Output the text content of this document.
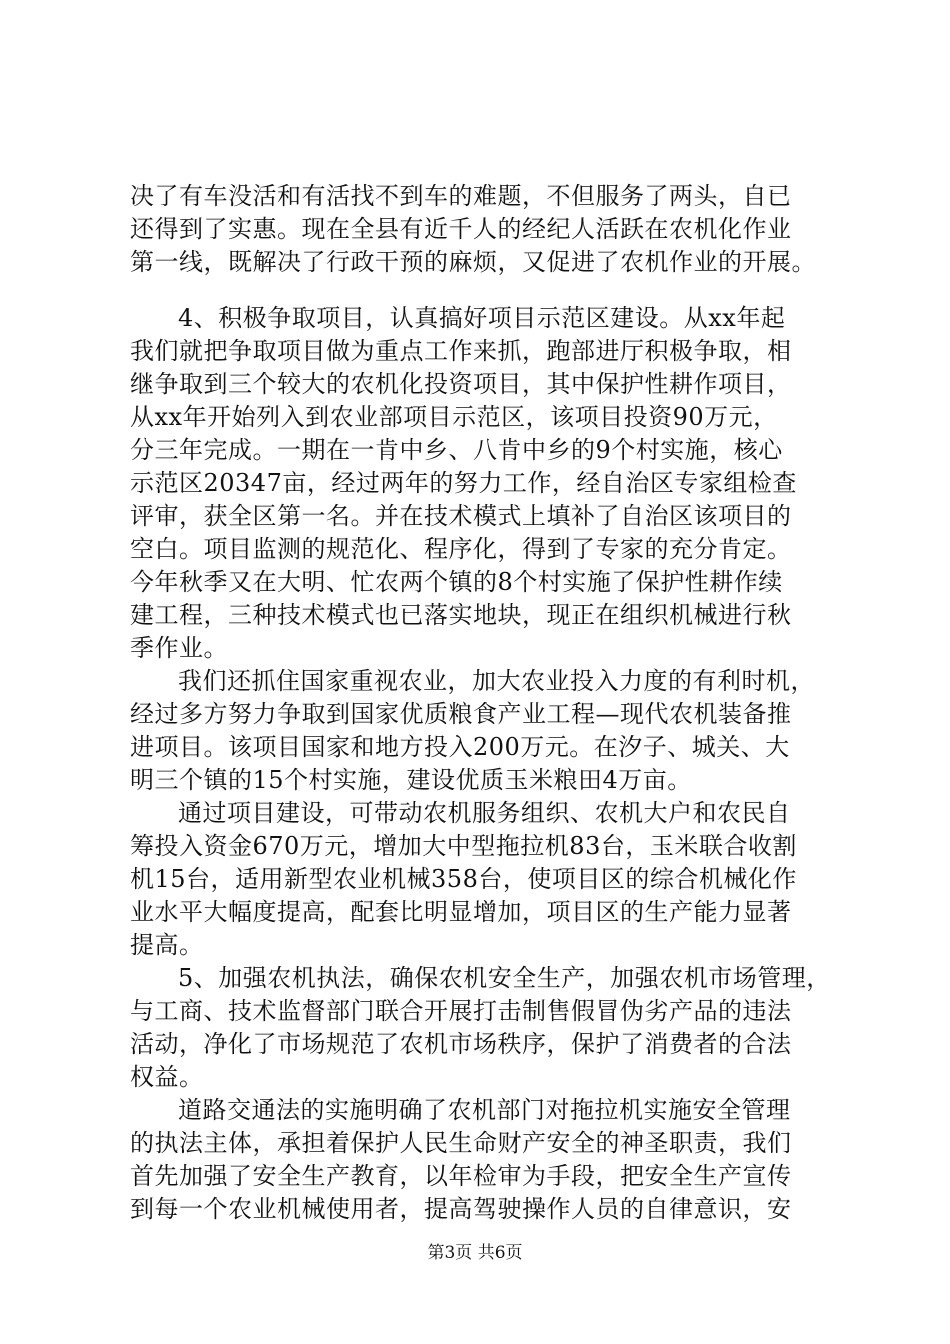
决了有车没活和有活找不到车的难题，不但服务了两头，自已
还得到了实惠。现在全县有近千人的经纪人活跃在农机化作业
第一线，既解决了行政干预的麻烦，又促进了农机作业的开展。
4、积极争取项目，认真搞好项目示范区建设。从xx年起
我们就把争取项目做为重点工作来抓，跑部进厅积极争取，相
继争取到三个较大的农机化投资项目，其中保护性耕作项目，
从xx年开始列入到农业部项目示范区，该项目投资90万元，
分三年完成。一期在一肯中乡、八肯中乡的9个村实施，核心
示范区20347亩，经过两年的努力工作，经自治区专家组检查
评审，获全区第一名。并在技术模式上填补了自治区该项目的
空白。项目监测的规范化、程序化，得到了专家的充分肯定。
今年秋季又在大明、忙农两个镇的8个村实施了保护性耕作续
建工程，三种技术模式也已落实地块，现正在组织机械进行秋
季作业。
我们还抓住国家重视农业，加大农业投入力度的有利时机，
经过多方努力争取到国家优质粮食产业工程—现代农机装备推
进项目。该项目国家和地方投入200万元。在汐子、城关、大
明三个镇的15个村实施，建设优质玉米粮田4万亩。
通过项目建设，可带动农机服务组织、农机大户和农民自
筹投入资金670万元，增加大中型拖拉机83台，玉米联合收割
机15台，适用新型农业机械358台，使项目区的综合机械化作
业水平大幅度提高，配套比明显增加，项目区的生产能力显著
提高。
5、加强农机执法，确保农机安全生产，加强农机市场管理，
与工商、技术监督部门联合开展打击制售假冒伪劣产品的违法
活动，净化了市场规范了农机市场秩序，保护了消费者的合法
权益。
道路交通法的实施明确了农机部门对拖拉机实施安全管理
的执法主体，承担着保护人民生命财产安全的神圣职责，我们
首先加强了安全生产教育，以年检审为手段，把安全生产宣传
到每一个农业机械使用者，提高驾驶操作人员的自律意识，安
第3页 共6页
